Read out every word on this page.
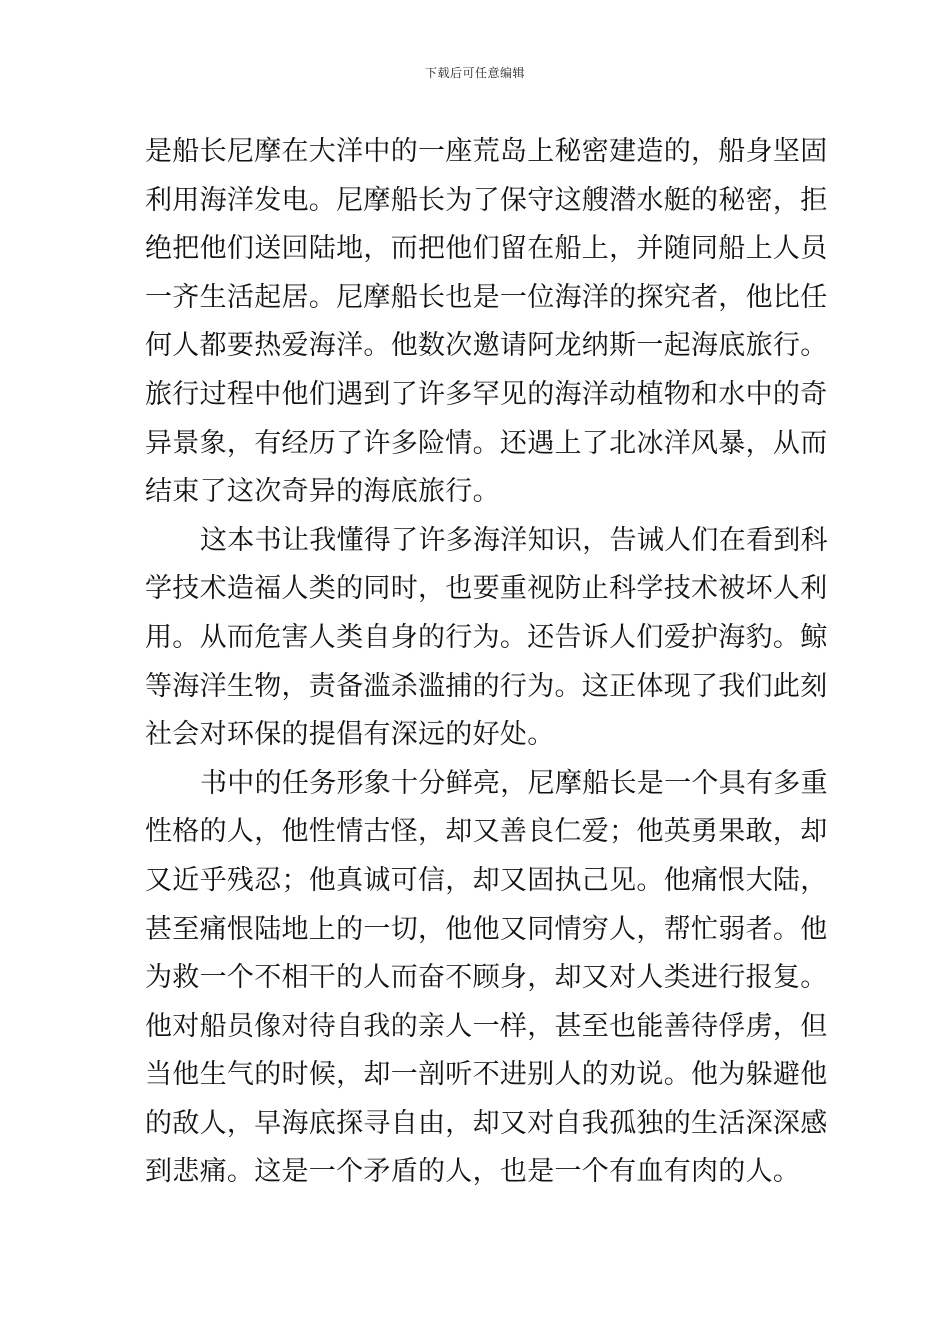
下载后可任意编辑
是船长尼摩在大洋中的一座荒岛上秘密建造的，船身坚固
利用海洋发电。尼摩船长为了保守这艘潜水艇的秘密，拒
绝把他们送回陆地，而把他们留在船上，并随同船上人员
一齐生活起居。尼摩船长也是一位海洋的探究者，他比任
何人都要热爱海洋。他数次邀请阿龙纳斯一起海底旅行。
旅行过程中他们遇到了许多罕见的海洋动植物和水中的奇
异景象，有经历了许多险情。还遇上了北冰洋风暴，从而
结束了这次奇异的海底旅行。
这本书让我懂得了许多海洋知识，告诫人们在看到科
学技术造福人类的同时，也要重视防止科学技术被坏人利
用。从而危害人类自身的行为。还告诉人们爱护海豹。鲸
等海洋生物，责备滥杀滥捕的行为。这正体现了我们此刻
社会对环保的提倡有深远的好处。
书中的任务形象十分鲜亮，尼摩船长是一个具有多重
性格的人，他性情古怪，却又善良仁爱；他英勇果敢，却
又近乎残忍；他真诚可信，却又固执己见。他痛恨大陆，
甚至痛恨陆地上的一切，他他又同情穷人，帮忙弱者。他
为救一个不相干的人而奋不顾身，却又对人类进行报复。
他对船员像对待自我的亲人一样，甚至也能善待俘虏，但
当他生气的时候，却一剖听不进别人的劝说。他为躲避他
的敌人，早海底探寻自由，却又对自我孤独的生活深深感
到悲痛。这是一个矛盾的人，也是一个有血有肉的人。
